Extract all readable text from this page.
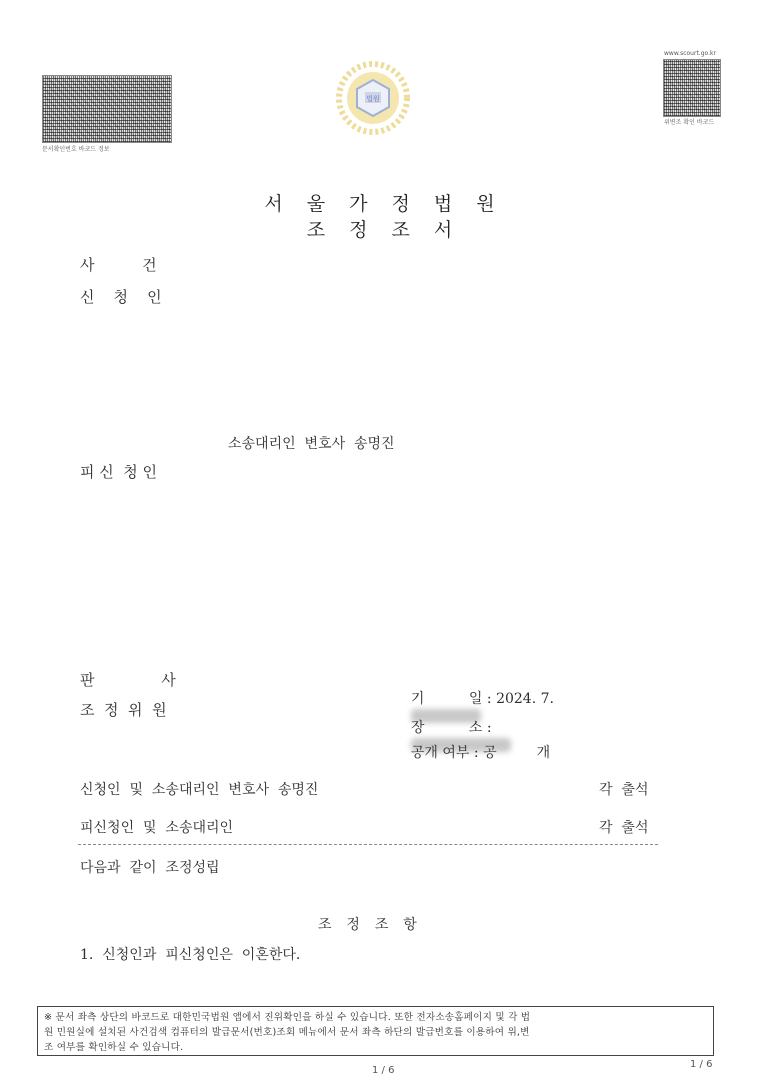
문서확인번호 바코드 정보
www.scourt.go.kr
위변조 확인 바코드
법원
서 울 가 정 법 원
조 정 조 서
사          건
신    청    인
소송대리인  변호사  송명진
피 신  청 인
판              사
조  정  위  원

기          일 : 2024. 7.

장          소 :

공개 여부 : 공         개

신청인  및  소송대리인  변호사  송명진	각  출석
피신청인  및  소송대리인	각  출석
다음과  같이  조정성립
조  정  조  항
1.  신청인과  피신청인은  이혼한다.
※ 문서 좌측 상단의 바코드로 대한민국법원 앱에서 진위확인을 하실 수 있습니다. 또한 전자소송홈페이지 및 각 법
원 민원실에 설치된 사건검색 컴퓨터의 발급문서(번호)조회 메뉴에서 문서 좌측 하단의 발급번호를 이용하여 위,변
조 여부를 확인하실 수 있습니다.
1 / 6
1 / 6
